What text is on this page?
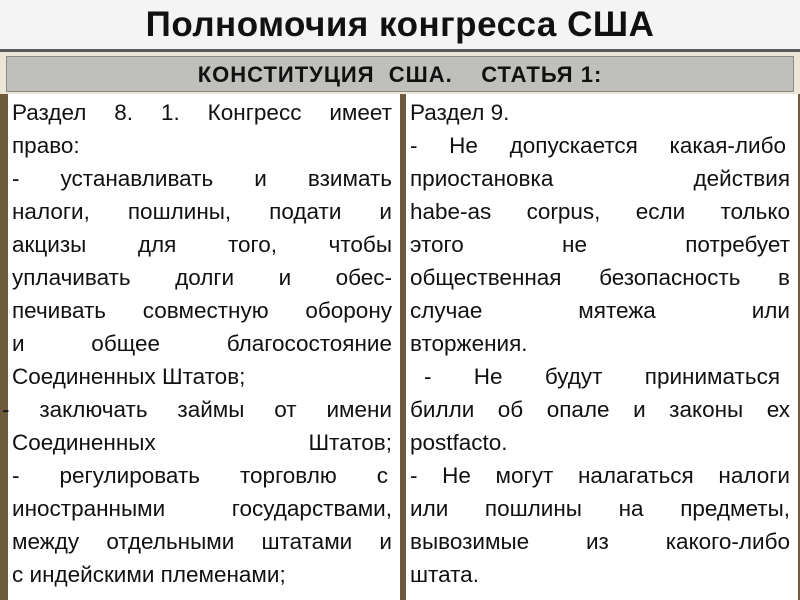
Полномочия конгресса США
КОНСТИТУЦИЯ  США.    СТАТЬЯ 1:
Раздел 8. 1. Конгресс имеет
право:
- устанавливать и взимать
налоги, пошлины, подати и
акцизы для того, чтобы
уплачивать долги и обес-
печивать совместную оборону
и общее благосостояние
Соединенных Штатов;
- заключать займы от имени
Соединенных Штатов;
- регулировать торговлю с
иностранными государствами,
между отдельными штатами и
с индейскими племенами;
Раздел 9.
- Не допускается какая-либо
приостановка действия
habe-as corpus, если только
этого не потребует
общественная безопасность в
случае мятежа или
вторжения.
- Не будут приниматься
билли об опале и законы ех
postfacto.
- Не могут налагаться налоги
или пошлины на предметы,
вывозимые из какого-либо
штата.
